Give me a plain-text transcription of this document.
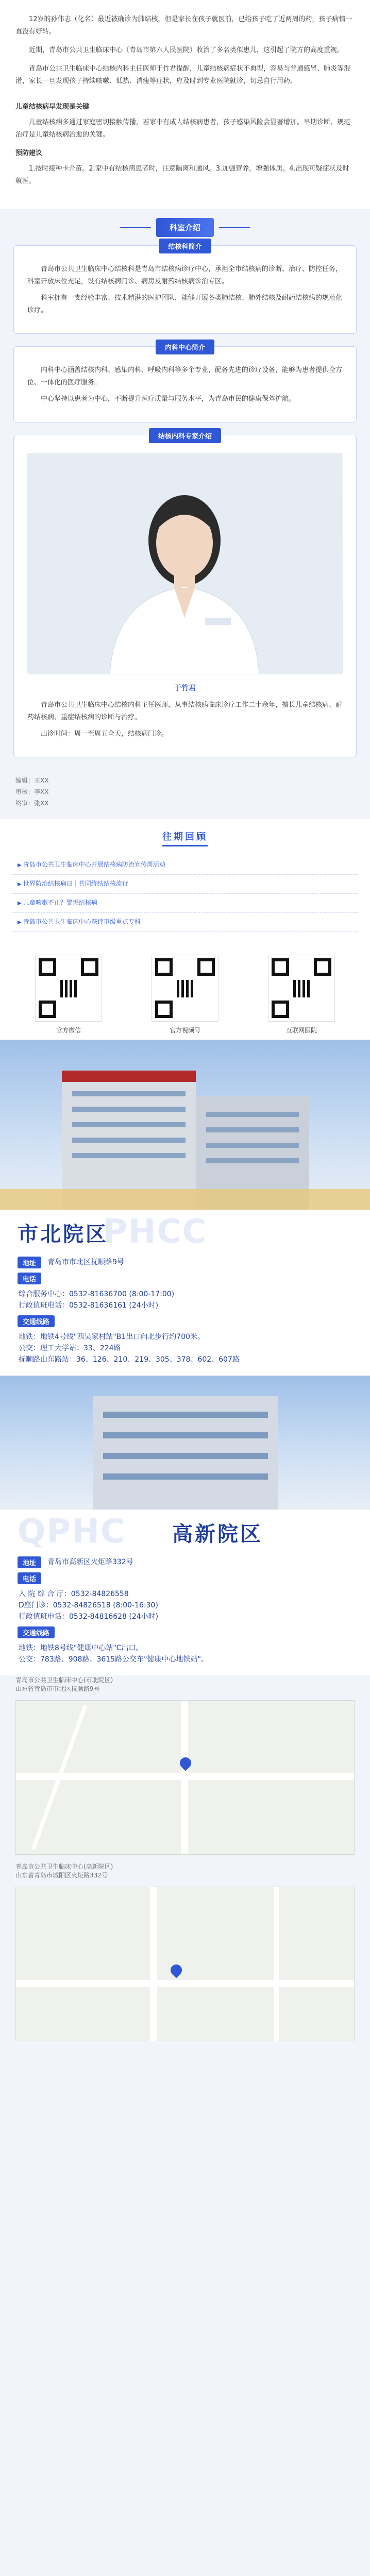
12岁的孙伟志（化名）最近被确诊为肺结核，但是家长在孩子就医前，已给孩子吃了近两周的药，孩子病情一直没有好转。

近期，青岛市公共卫生临床中心（青岛市第六人民医院）收治了多名类似患儿，这引起了院方的高度重视。

青岛市公共卫生临床中心结核内科主任医师于竹君提醒，儿童结核病症状不典型，容易与普通感冒、肺炎等混淆，家长一旦发现孩子持续咳嗽、低热、消瘦等症状，应及时到专业医院就诊，切忌自行用药。

儿童结核病早发现是关键

儿童结核病多通过家庭密切接触传播，若家中有成人结核病患者，孩子感染风险会显著增加。早期诊断、规范治疗是儿童结核病治愈的关键。

预防建议

1.按时接种卡介苗。2.家中有结核病患者时，注意隔离和通风。3.加强营养，增强体质。4.出现可疑症状及时就医。

科室介绍
结核科简介

青岛市公共卫生临床中心结核科是青岛市结核病诊疗中心，承担全市结核病的诊断、治疗、防控任务，科室开放床位充足，设有结核病门诊、病房及耐药结核病诊治专区。

科室拥有一支经验丰富、技术精湛的医护团队，能够开展各类肺结核、肺外结核及耐药结核病的规范化诊疗。

内科中心简介

内科中心涵盖结核内科、感染内科、呼吸内科等多个专业，配备先进的诊疗设备，能够为患者提供全方位、一体化的医疗服务。

中心坚持以患者为中心，不断提升医疗质量与服务水平，为青岛市民的健康保驾护航。

结核内科专家介绍
于竹君

青岛市公共卫生临床中心结核内科主任医师，从事结核病临床诊疗工作二十余年，擅长儿童结核病、耐药结核病、重症结核病的诊断与治疗。

出诊时间：周一至周五全天，结核病门诊。

编辑：王XX
审核：李XX
终审：张XX
往期回顾
▶ 青岛市公共卫生临床中心开展结核病防治宣传周活动
▶ 世界防治结核病日｜共同终结结核流行
▶ 儿童咳嗽不止？警惕结核病
▶ 青岛市公共卫生临床中心获评市级重点专科
官方微信	官方视频号	互联网医院
市北院区
PHCC
地址	青岛市市北区抚顺路9号
电话
综合服务中心：0532-81636700 (8:00-17:00)
行政值班电话：0532-81636161 (24小时)
交通线路
地铁：地铁4号线"西吴家村站"B1出口向北步行约700米。
公交：理工大学站：33、224路
抚顺路山东路站：36、126、210、219、305、378、602、607路
QPHC 高新院区
地址	青岛市高新区火炬路332号
电话
入 院 综 合 厅：0532-84826558
D座门诊：0532-84826518 (8:00-16:30)
行政值班电话：0532-84816628 (24小时)
交通线路
地铁：地铁8号线"健康中心站"C出口。
公交：783路、908路、3615路公交车"健康中心地铁站"。
青岛市公共卫生临床中心(市北院区)
山东省青岛市市北区抚顺路9号
青岛市公共卫生临床中心(高新院区)
山东省青岛市城阳区火炬路332号
